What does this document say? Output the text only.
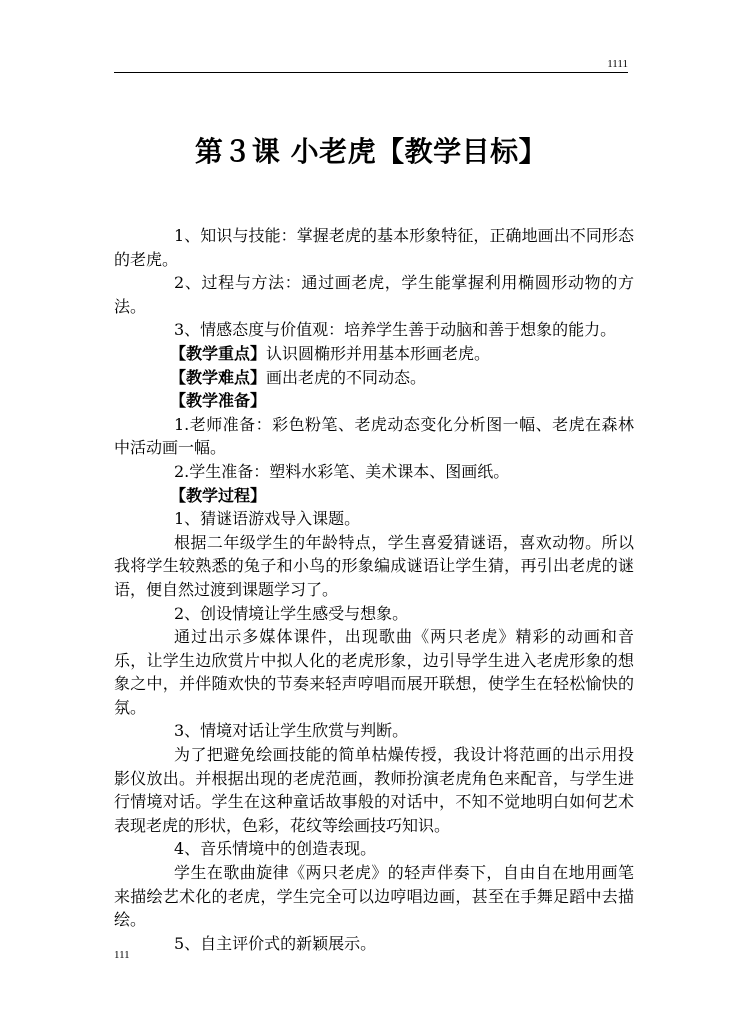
1111
第３课 小老虎【教学目标】

1、知识与技能：掌握老虎的基本形象特征，正确地画出不同形态的老虎。

2、过程与方法：通过画老虎，学生能掌握利用椭圆形动物的方法。

3、情感态度与价值观：培养学生善于动脑和善于想象的能力。

【教学重点】认识圆椭形并用基本形画老虎。

【教学难点】画出老虎的不同动态。

【教学准备】

1.老师准备：彩色粉笔、老虎动态变化分析图一幅、老虎在森林中活动画一幅。

2.学生准备：塑料水彩笔、美术课本、图画纸。

【教学过程】

1、猜谜语游戏导入课题。

根据二年级学生的年龄特点，学生喜爱猜谜语，喜欢动物。所以我将学生较熟悉的兔子和小鸟的形象编成谜语让学生猜，再引出老虎的谜语，便自然过渡到课题学习了。

2、创设情境让学生感受与想象。

通过出示多媒体课件，出现歌曲《两只老虎》精彩的动画和音乐，让学生边欣赏片中拟人化的老虎形象，边引导学生进入老虎形象的想象之中，并伴随欢快的节奏来轻声哼唱而展开联想，使学生在轻松愉快的氛。

3、情境对话让学生欣赏与判断。

为了把避免绘画技能的简单枯燥传授，我设计将范画的出示用投影仪放出。并根据出现的老虎范画，教师扮演老虎角色来配音，与学生进行情境对话。学生在这种童话故事般的对话中，不知不觉地明白如何艺术表现老虎的形状，色彩，花纹等绘画技巧知识。

4、音乐情境中的创造表现。

学生在歌曲旋律《两只老虎》的轻声伴奏下，自由自在地用画笔来描绘艺术化的老虎，学生完全可以边哼唱边画，甚至在手舞足蹈中去描绘。

5、自主评价式的新颖展示。

111
